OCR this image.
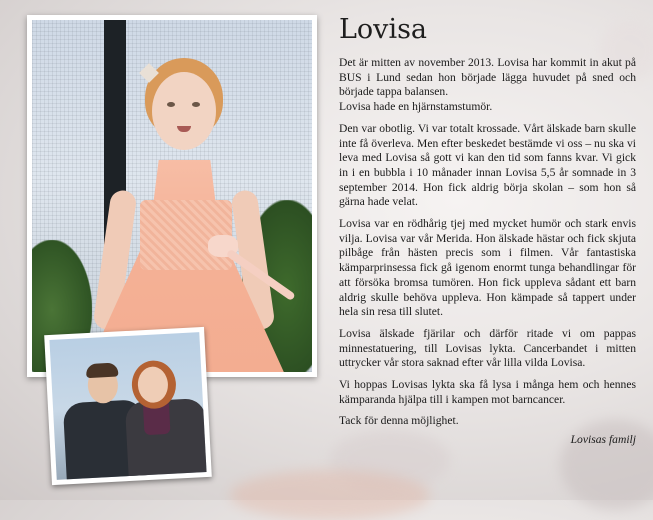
Lovisa

Det är mitten av november 2013. Lovisa har kommit in akut på BUS i Lund sedan hon började lägga huvudet på sned och började tappa balansen.
Lovisa hade en hjärnstamstumör.

Den var obotlig. Vi var totalt krossade. Vårt älskade barn skulle inte få överleva. Men efter beskedet bestämde vi oss – nu ska vi leva med Lovisa så gott vi kan den tid som fanns kvar. Vi gick in i en bubbla i 10 månader innan Lovisa 5,5 år somnade in 3 september 2014. Hon fick aldrig börja skolan – som hon så gärna hade velat.

Lovisa var en rödhårig tjej med mycket humör och stark envis vilja. Lovisa var vår Merida. Hon älskade hästar och fick skjuta pilbåge från hästen precis som i filmen. Vår fantastiska kämparprinsessa fick gå igenom enormt tunga behandlingar för att försöka bromsa tumören. Hon fick uppleva sådant ett barn aldrig skulle behöva uppleva. Hon kämpade så tappert under hela sin resa till slutet.

Lovisa älskade fjärilar och därför ritade vi om pappas minnestatuering, till Lovisas lykta. Cancerbandet i mitten uttrycker vår stora saknad efter vår lilla vilda Lovisa.

Vi hoppas Lovisas lykta ska få lysa i många hem och hennes kämparanda hjälpa till i kampen mot barncancer.

Tack för denna möjlighet.

Lovisas familj
